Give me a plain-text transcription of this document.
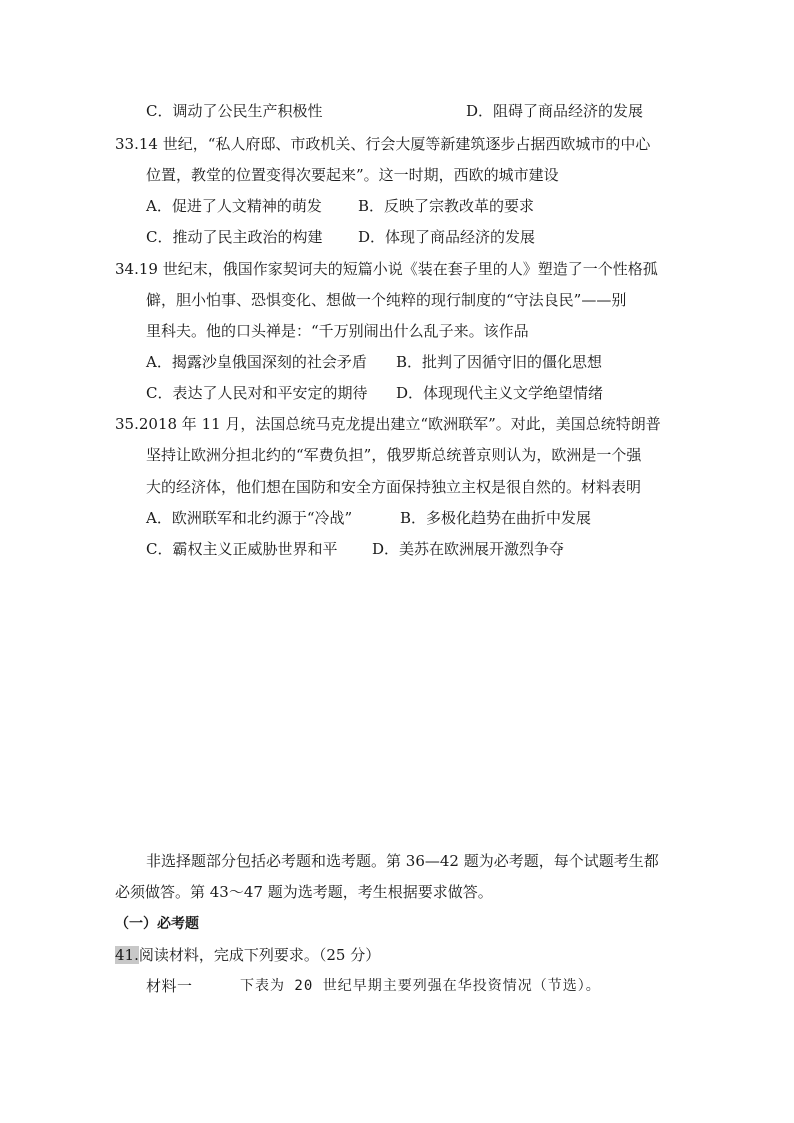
C．调动了公民生产积极性	D．阻碍了商品经济的发展
33.14 世纪，“私人府邸、市政机关、行会大厦等新建筑逐步占据西欧城市的中心
位置，教堂的位置变得次要起来”。这一时期，西欧的城市建设
A．促进了人文精神的萌发 B．反映了宗教改革的要求
C．推动了民主政治的构建 D．体现了商品经济的发展
34.19 世纪末，俄国作家契诃夫的短篇小说《装在套子里的人》塑造了一个性格孤
僻，胆小怕事、恐惧变化、想做一个纯粹的现行制度的“守法良民”——别
里科夫。他的口头禅是：“千万别闹出什么乱子来。该作品
A．揭露沙皇俄国深刻的社会矛盾 B．批判了因循守旧的僵化思想
C．表达了人民对和平安定的期待 D．体现现代主义文学绝望情绪
35.2018 年 11 月，法国总统马克龙提出建立“欧洲联军”。对此，美国总统特朗普
坚持让欧洲分担北约的“军费负担”，俄罗斯总统普京则认为，欧洲是一个强
大的经济体，他们想在国防和安全方面保持独立主权是很自然的。材料表明
A．欧洲联军和北约源于“冷战”	B．多极化趋势在曲折中发展
C．霸权主义正威胁世界和平 D．美苏在欧洲展开激烈争夺
非选择题部分包括必考题和选考题。第 36—42 题为必考题，每个试题考生都
必须做答。第 43～47 题为选考题，考生根据要求做答。
（一）必考题
41.阅读材料，完成下列要求。（25 分）
材料一	下表为 20 世纪早期主要列强在华投资情况（节选）。
